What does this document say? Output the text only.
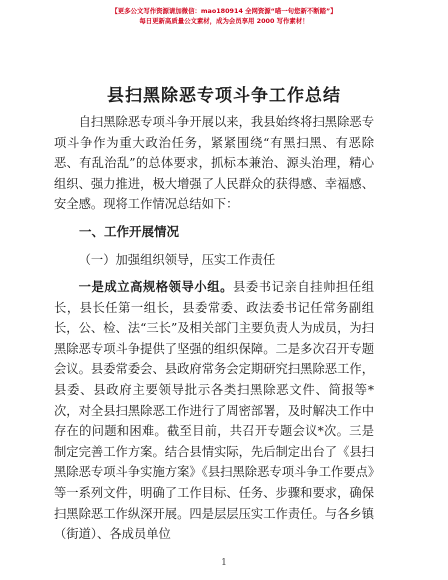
【更多公文写作资源请加微信：mao180914 全网资源“喵一句您新不断踏”】
每日更新高质量公文素材，成为会员享用 2000 写作素材！
县扫黑除恶专项斗争工作总结

自扫黑除恶专项斗争开展以来，我县始终将扫黑除恶专项斗争作为重大政治任务，紧紧围绕“有黑扫黑、有恶除恶、有乱治乱”的总体要求，抓标本兼治、源头治理，精心组织、强力推进，极大增强了人民群众的获得感、幸福感、安全感。现将工作情况总结如下：

一、工作开展情况

（一）加强组织领导，压实工作责任

一是成立高规格领导小组。县委书记亲自挂帅担任组长，县长任第一组长，县委常委、政法委书记任常务副组长，公、检、法“三长”及相关部门主要负责人为成员，为扫黑除恶专项斗争提供了坚强的组织保障。二是多次召开专题会议。县委常委会、县政府常务会定期研究扫黑除恶工作，县委、县政府主要领导批示各类扫黑除恶文件、简报等*次，对全县扫黑除恶工作进行了周密部署，及时解决工作中存在的问题和困难。截至目前，共召开专题会议*次。三是制定完善工作方案。结合县情实际，先后制定出台了《县扫黑除恶专项斗争实施方案》《县扫黑除恶专项斗争工作要点》等一系列文件，明确了工作目标、任务、步骤和要求，确保扫黑除恶工作纵深开展。四是层层压实工作责任。与各乡镇（街道）、各成员单位

1
